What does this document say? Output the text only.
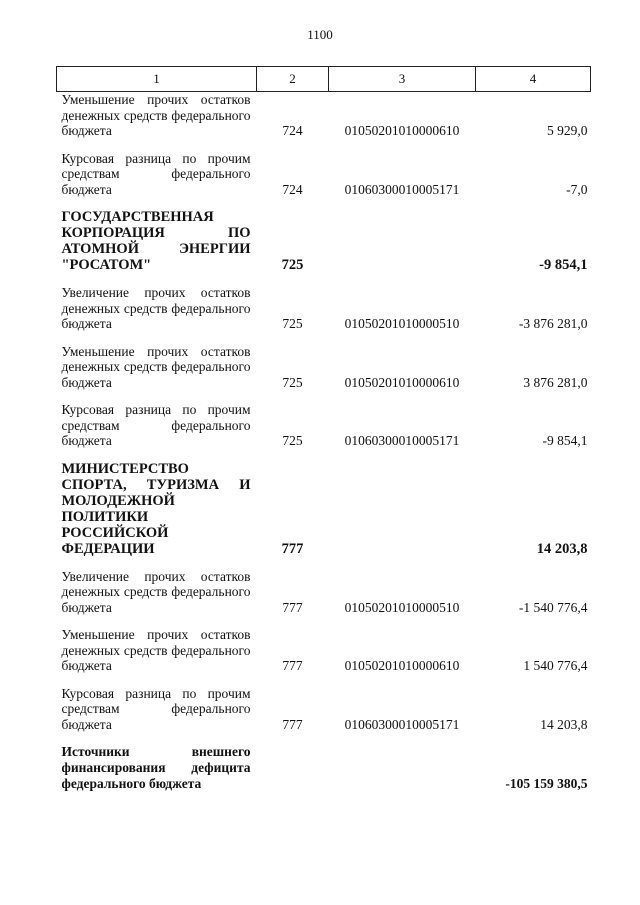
1100
1	2	3	4
Уменьшение прочих остатков денежных средств федерального бюджета	724	01050201010000610	5 929,0

Курсовая разница по прочим средствам федерального бюджета	724	01060300010005171	-7,0

ГОСУДАРСТВЕННАЯ КОРПОРАЦИЯ ПО АТОМНОЙ ЭНЕРГИИ "РОСАТОМ"	725		-9 854,1

Увеличение прочих остатков денежных средств федерального бюджета	725	01050201010000510	-3 876 281,0

Уменьшение прочих остатков денежных средств федерального бюджета	725	01050201010000610	3 876 281,0

Курсовая разница по прочим средствам федерального бюджета	725	01060300010005171	-9 854,1

МИНИСТЕРСТВО СПОРТА, ТУРИЗМА И МОЛОДЕЖНОЙ ПОЛИТИКИ РОССИЙСКОЙ ФЕДЕРАЦИИ	777		14 203,8

Увеличение прочих остатков денежных средств федерального бюджета	777	01050201010000510	-1 540 776,4

Уменьшение прочих остатков денежных средств федерального бюджета	777	01050201010000610	1 540 776,4

Курсовая разница по прочим средствам федерального бюджета	777	01060300010005171	14 203,8

Источники внешнего финансирования дефицита федерального бюджета			-105 159 380,5
